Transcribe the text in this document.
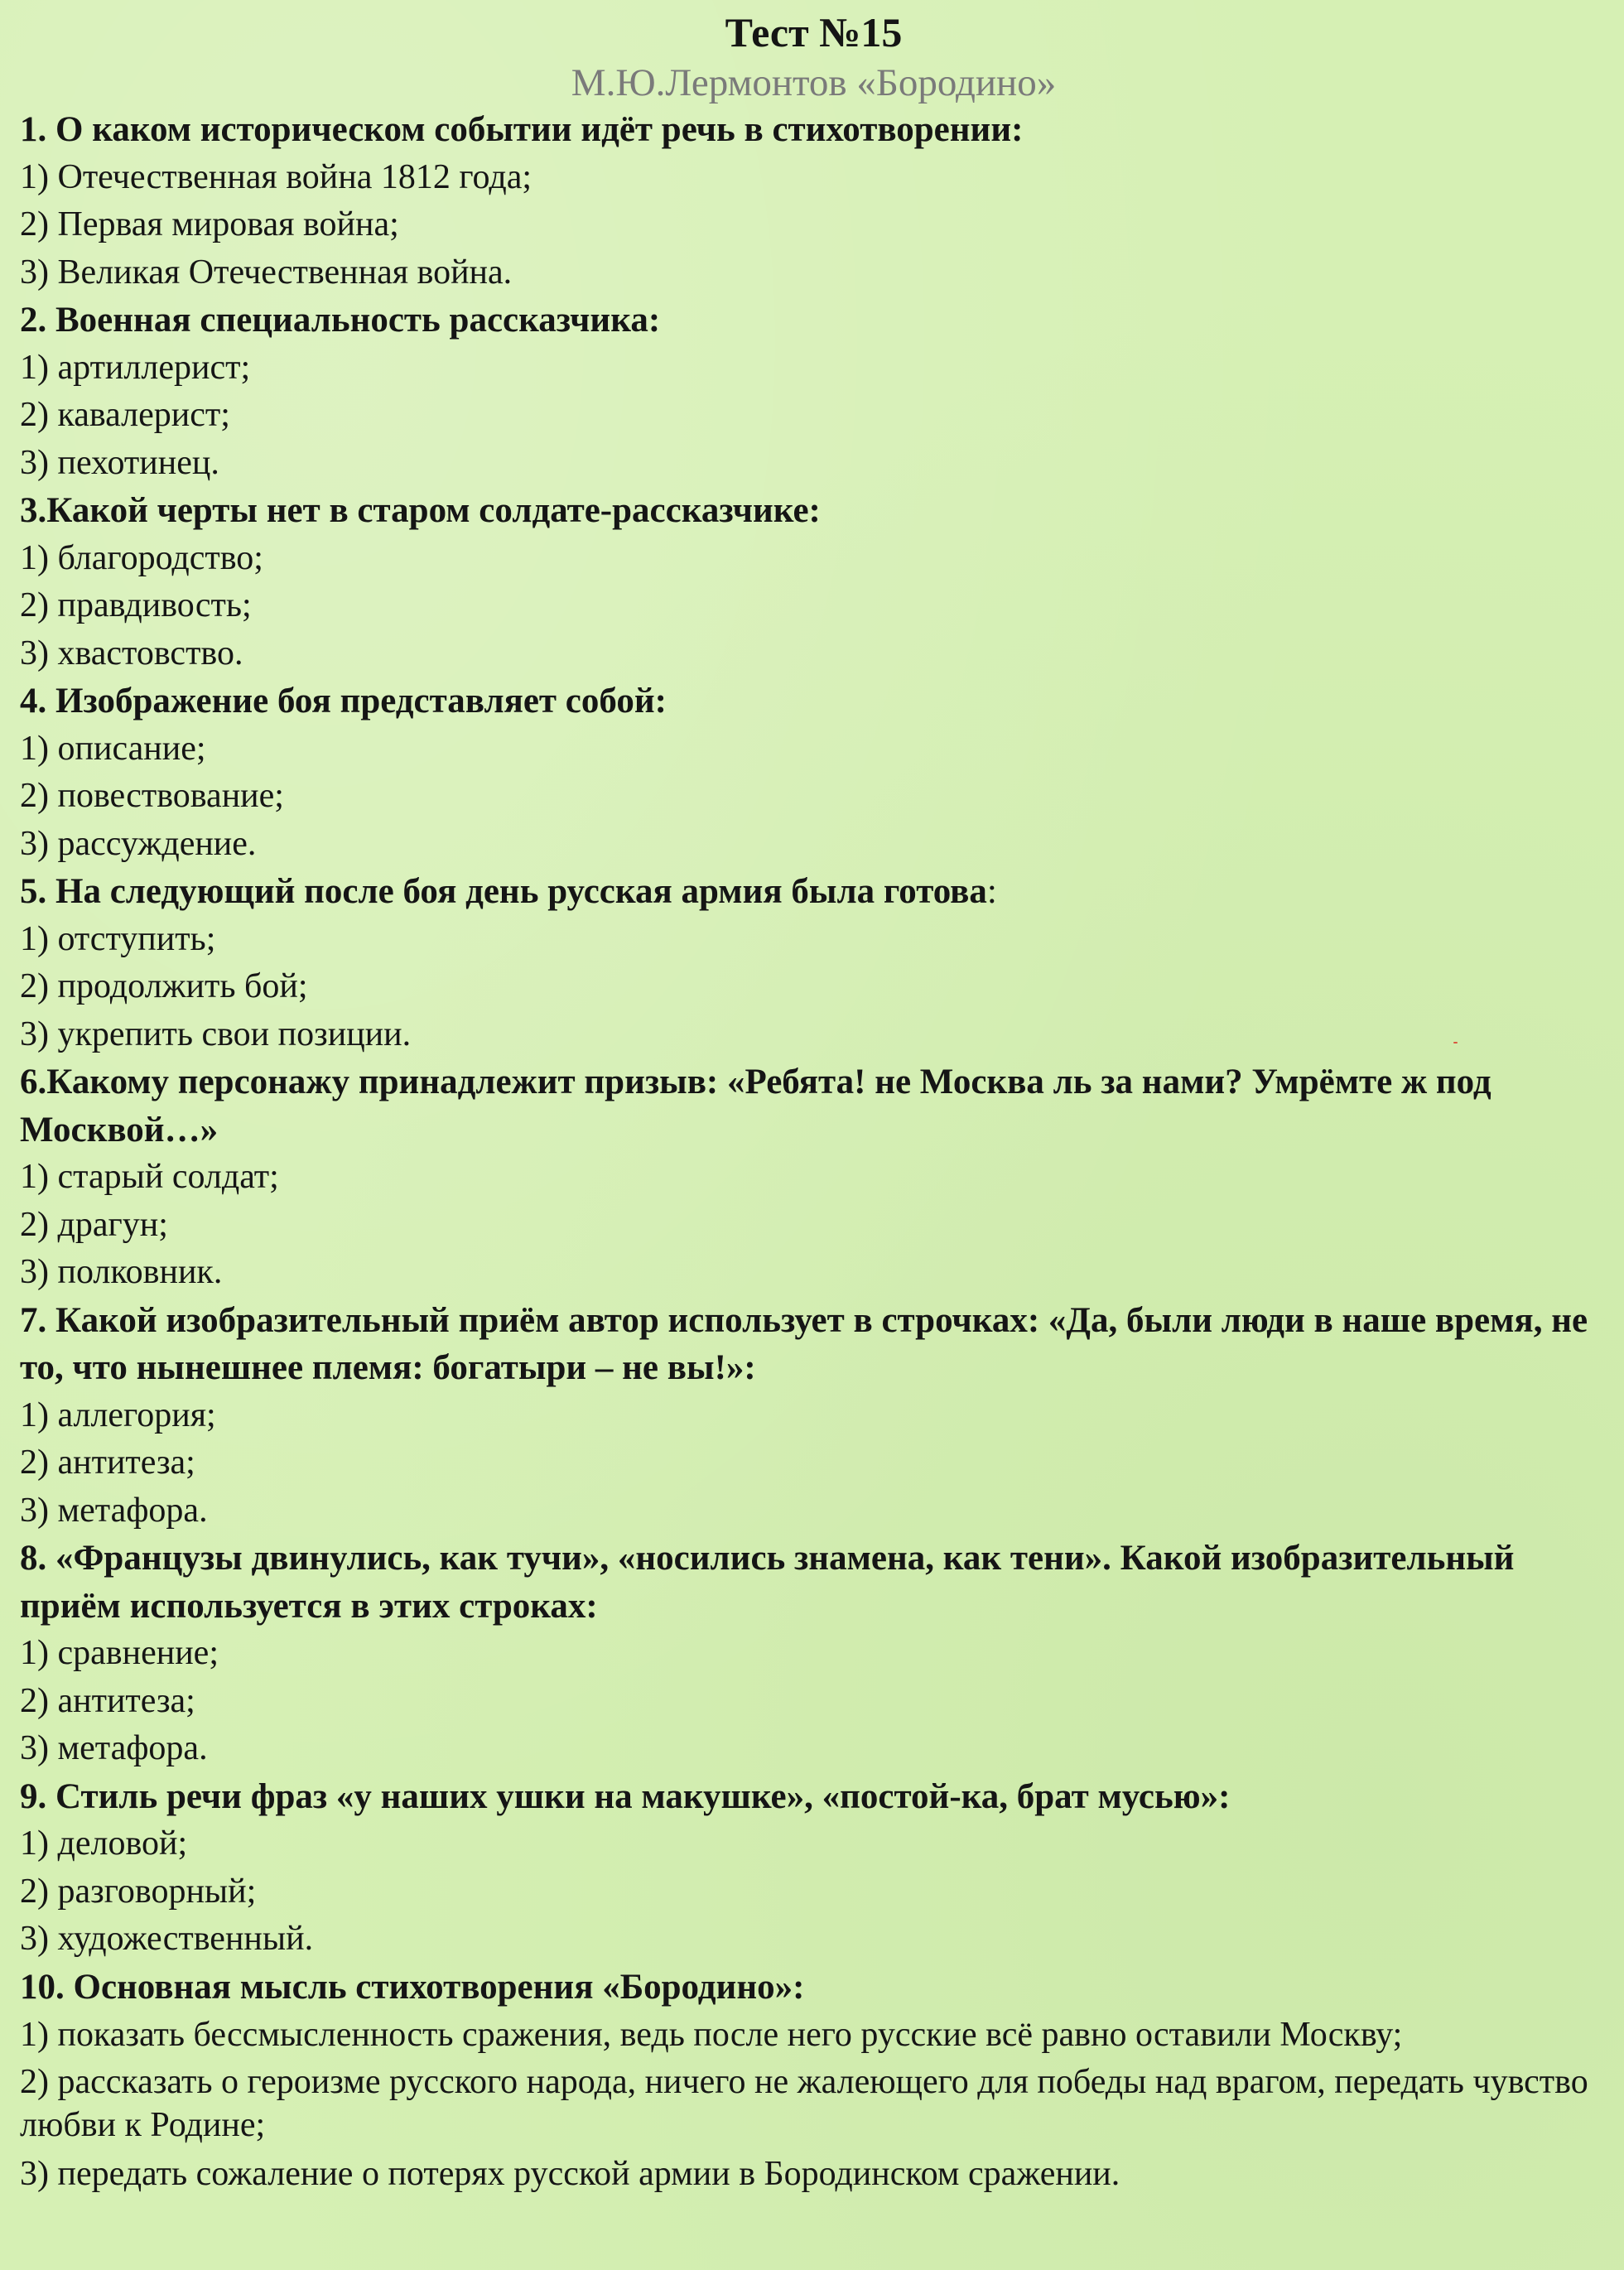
Тест №15
М.Ю.Лермонтов «Бородино»

1. О каком историческом событии идёт речь в стихотворении:

1) Отечественная война 1812 года;

2) Первая мировая война;

3) Великая Отечественная война.

2. Военная специальность рассказчика:

1) артиллерист;

2) кавалерист;

3) пехотинец.

3.Какой черты нет в старом солдате-рассказчике:

1) благородство;

2) правдивость;

3) хвастовство.

4. Изображение боя представляет собой:

1) описание;

2) повествование;

3) рассуждение.

5. На следующий после боя день русская армия была готова:

1) отступить;

2) продолжить бой;

3) укрепить свои позиции.

6.Какому персонажу принадлежит призыв: «Ребята! не Москва ль за нами? Умрёмте ж под Москвой…»

1) старый солдат;

2) драгун;

3) полковник.

7. Какой изобразительный приём автор использует в строчках: «Да, были люди в наше время, не то, что нынешнее племя: богатыри – не вы!»:

1) аллегория;

2) антитеза;

3) метафора.

8. «Французы двинулись, как тучи», «носились знамена, как тени». Какой изобразительный приём используется в этих строках:

1) сравнение;

2) антитеза;

3) метафора.

9. Стиль речи фраз «у наших ушки на макушке», «постой-ка, брат мусью»:

1) деловой;

2) разговорный;

3) художественный.

10. Основная мысль стихотворения «Бородино»:

1) показать бессмысленность сражения, ведь после него русские всё равно оставили Москву;

2) рассказать о героизме русского народа, ничего не жалеющего для победы над врагом, передать чувство любви к Родине;

3) передать сожаление о потерях русской армии в Бородинском сражении.
